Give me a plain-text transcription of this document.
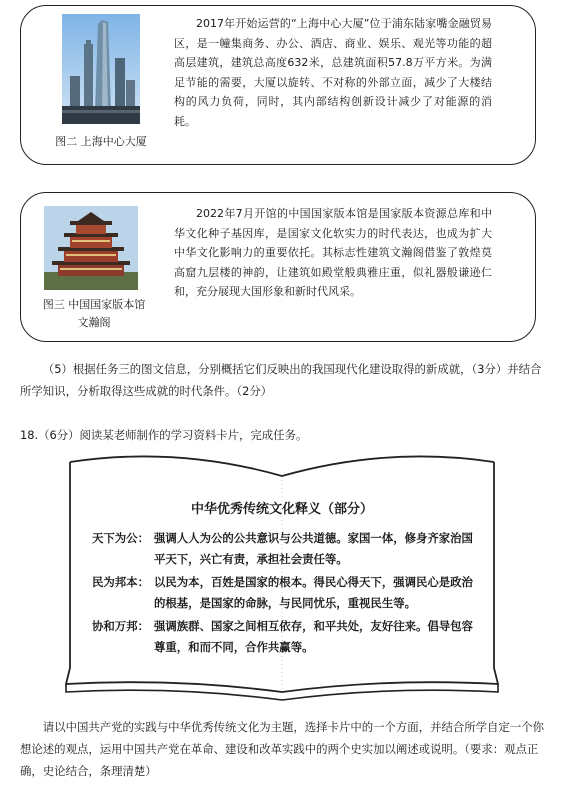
图二 上海中心大厦
2017年开始运营的“上海中心大厦”位于浦东陆家嘴金融贸易区，是一幢集商务、办公、酒店、商业、娱乐、观光等功能的超高层建筑，建筑总高度632米，总建筑面积57.8万平方米。为满足节能的需要，大厦以旋转、不对称的外部立面，减少了大楼结构的风力负荷，同时，其内部结构创新设计减少了对能源的消耗。
图三 中国国家版本馆
文瀚阁
2022年7月开馆的中国国家版本馆是国家版本资源总库和中华文化种子基因库，是国家文化软实力的时代表达，也成为扩大中华文化影响力的重要依托。其标志性建筑文瀚阁借鉴了敦煌莫高窟九层楼的神韵，让建筑如殿堂般典雅庄重，似礼器般谦逊仁和，充分展现大国形象和新时代风采。
（5）根据任务三的图文信息，分别概括它们反映出的我国现代化建设取得的新成就，（3分）并结合所学知识，分析取得这些成就的时代条件。（2分）
18.（6分）阅读某老师制作的学习资料卡片，完成任务。
中华优秀传统文化释义（部分）
天下为公： 强调人人为公的公共意识与公共道德。家国一体，修身齐家治国平天下，兴亡有责，承担社会责任等。
民为邦本： 以民为本，百姓是国家的根本。得民心得天下，强调民心是政治的根基，是国家的命脉，与民同忧乐，重视民生等。
协和万邦： 强调族群、国家之间相互依存，和平共处，友好往来。倡导包容尊重，和而不同，合作共赢等。
请以中国共产党的实践与中华优秀传统文化为主题，选择卡片中的一个方面，并结合所学自定一个你想论述的观点，运用中国共产党在革命、建设和改革实践中的两个史实加以阐述或说明。（要求：观点正确，史论结合，条理清楚）
